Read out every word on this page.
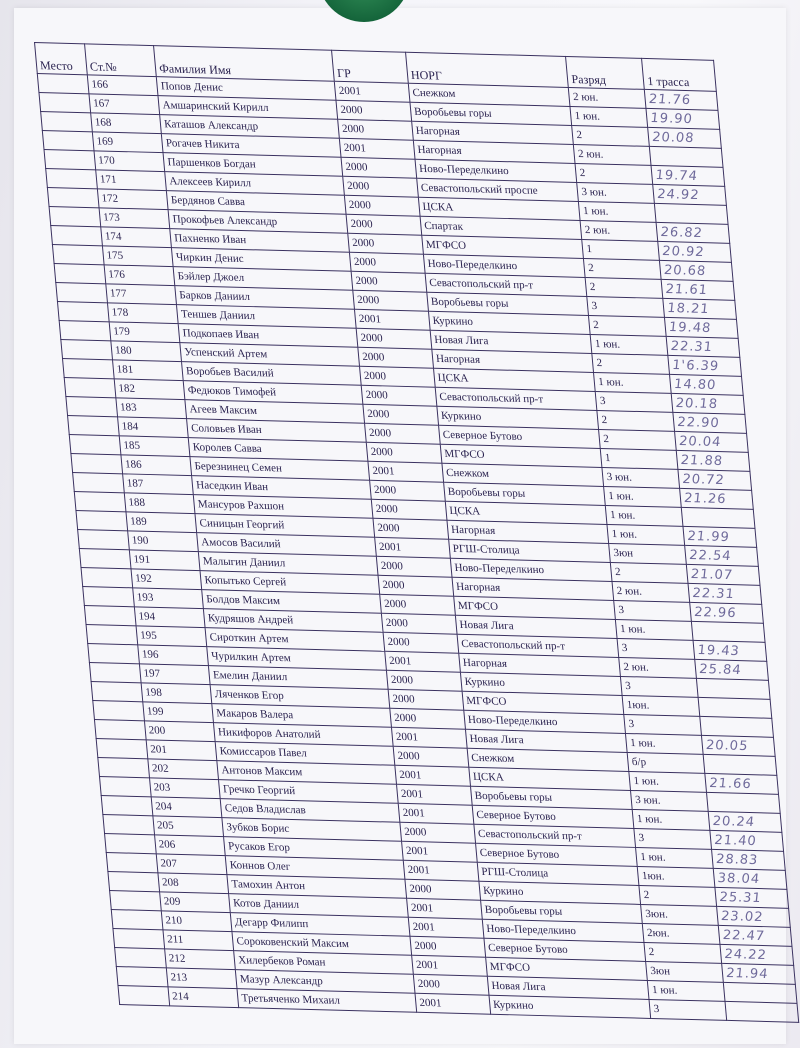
Место	Ст.№	Фамилия Имя	ГР	НОРГ	Разряд	1 трасса
	166	Попов Денис	2001	Снежком	2 юн.	21.76
	167	Амшаринский Кирилл	2000	Воробьевы горы	1 юн.	19.90
	168	Каташов Александр	2000	Нагорная	2	20.08
	169	Рогачев Никита	2001	Нагорная	2 юн.	
	170	Паршенков Богдан	2000	Ново-Переделкино	2	19.74
	171	Алексеев Кирилл	2000	Севастопольский проспе	3 юн.	24.92
	172	Бердянов Савва	2000	ЦСКА	1 юн.	
	173	Прокофьев Александр	2000	Спартак	2 юн.	26.82
	174	Пахненко Иван	2000	МГФСО	1	20.92
	175	Чиркин Денис	2000	Ново-Переделкино	2	20.68
	176	Бэйлер Джоел	2000	Севастопольский пр-т	2	21.61
	177	Барков Даниил	2000	Воробьевы горы	3	18.21
	178	Теншев Даниил	2001	Куркино	2	19.48
	179	Подкопаев Иван	2000	Новая Лига	1 юн.	22.31
	180	Успенский Артем	2000	Нагорная	2	1'6.39
	181	Воробьев Василий	2000	ЦСКА	1 юн.	14.80
	182	Федюков Тимофей	2000	Севастопольский пр-т	3	20.18
	183	Агеев Максим	2000	Куркино	2	22.90
	184	Соловьев Иван	2000	Северное Бутово	2	20.04
	185	Королев Савва	2000	МГФСО	1	21.88
	186	Березнинец Семен	2001	Снежком	3 юн.	20.72
	187	Наседкин Иван	2000	Воробьевы горы	1 юн.	21.26
	188	Мансуров Рахшон	2000	ЦСКА	1 юн.	
	189	Синицын Георгий	2000	Нагорная	1 юн.	21.99
	190	Амосов Василий	2001	РГШ-Столица	3юн	22.54
	191	Малыгин Даниил	2000	Ново-Переделкино	2	21.07
	192	Копытько Сергей	2000	Нагорная	2 юн.	22.31
	193	Болдов Максим	2000	МГФСО	3	22.96
	194	Кудряшов Андрей	2000	Новая Лига	1 юн.	
	195	Сироткин Артем	2000	Севастопольский пр-т	3	19.43
	196	Чурилкин Артем	2001	Нагорная	2 юн.	25.84
	197	Емелин Даниил	2000	Куркино	3	
	198	Ляченков Егор	2000	МГФСО	1юн.	
	199	Макаров Валера	2000	Ново-Переделкино	3	
	200	Никифоров Анатолий	2001	Новая Лига	1 юн.	20.05
	201	Комиссаров Павел	2000	Снежком	б/р	
	202	Антонов Максим	2001	ЦСКА	1 юн.	21.66
	203	Гречко Георгий	2001	Воробьевы горы	3 юн.	
	204	Седов Владислав	2001	Северное Бутово	1 юн.	20.24
	205	Зубков Борис	2000	Севастопольский пр-т	3	21.40
	206	Русаков Егор	2001	Северное Бутово	1 юн.	28.83
	207	Коннов Олег	2001	РГШ-Столица	1юн.	38.04
	208	Тамохин Антон	2000	Куркино	2	25.31
	209	Котов Даниил	2001	Воробьевы горы	3юн.	23.02
	210	Дегарр Филипп	2001	Ново-Переделкино	2юн.	22.47
	211	Сороковенский Максим	2000	Северное Бутово	2	24.22
	212	Хилербеков Роман	2001	МГФСО	3юн	21.94
	213	Мазур Александр	2000	Новая Лига	1 юн.	
	214	Третьяченко Михаил	2001	Куркино	3	
